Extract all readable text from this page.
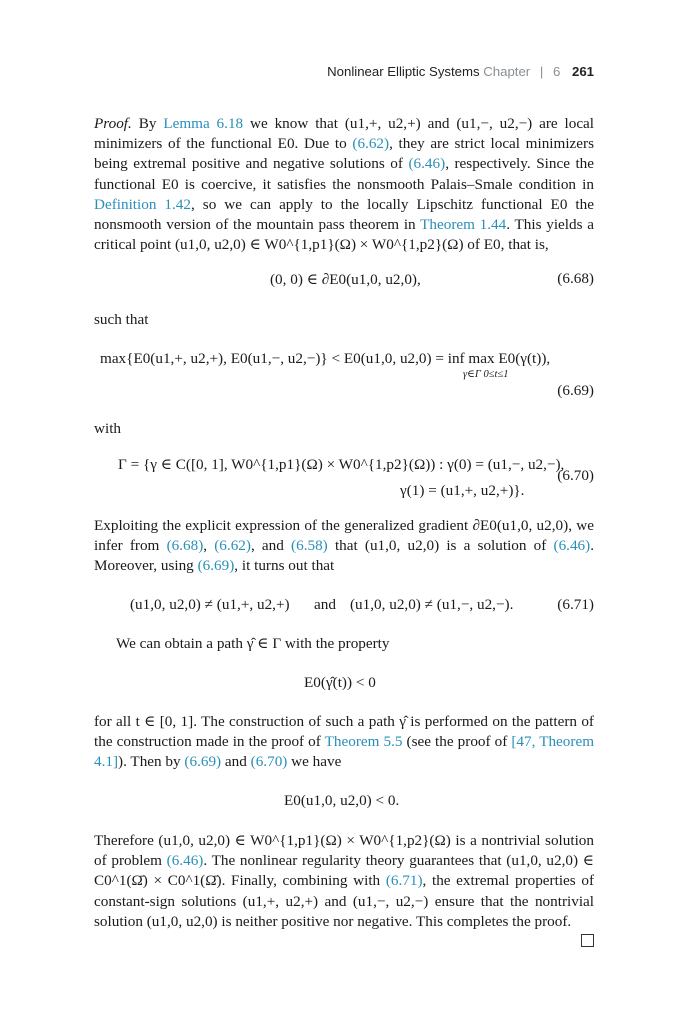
Nonlinear Elliptic Systems Chapter | 6 261
Proof. By Lemma 6.18 we know that (u1,+, u2,+) and (u1,−, u2,−) are local minimizers of the functional E0. Due to (6.62), they are strict local minimizers being extremal positive and negative solutions of (6.46), respectively. Since the functional E0 is coercive, it satisfies the nonsmooth Palais–Smale condition in Definition 1.42, so we can apply to the locally Lipschitz functional E0 the nonsmooth version of the mountain pass theorem in Theorem 1.44. This yields a critical point (u1,0, u2,0) ∈ W0^{1,p1}(Ω) × W0^{1,p2}(Ω) of E0, that is,
(0, 0) ∈ ∂E0(u1,0, u2,0),	(6.68)
such that
max{E0(u1,+, u2,+), E0(u1,−, u2,−)} < E0(u1,0, u2,0) = inf max E0(γ(t)),
γ∈Γ 0≤t≤1
(6.69)
with
Γ = {γ ∈ C([0, 1], W0^{1,p1}(Ω) × W0^{1,p2}(Ω)) : γ(0) = (u1,−, u2,−),
γ(1) = (u1,+, u2,+)}.
(6.70)
Exploiting the explicit expression of the generalized gradient ∂E0(u1,0, u2,0), we infer from (6.68), (6.62), and (6.58) that (u1,0, u2,0) is a solution of (6.46). Moreover, using (6.69), it turns out that
(u1,0, u2,0) ≠ (u1,+, u2,+) and (u1,0, u2,0) ≠ (u1,−, u2,−).	(6.71)
We can obtain a path γ̂ ∈ Γ with the property
E0(γ̂(t)) < 0
for all t ∈ [0, 1]. The construction of such a path γ̂ is performed on the pattern of the construction made in the proof of Theorem 5.5 (see the proof of [47, Theorem 4.1]). Then by (6.69) and (6.70) we have
E0(u1,0, u2,0) < 0.
Therefore (u1,0, u2,0) ∈ W0^{1,p1}(Ω) × W0^{1,p2}(Ω) is a nontrivial solution of problem (6.46). The nonlinear regularity theory guarantees that (u1,0, u2,0) ∈ C0^1(Ω̄) × C0^1(Ω̄). Finally, combining with (6.71), the extremal properties of constant-sign solutions (u1,+, u2,+) and (u1,−, u2,−) ensure that the nontrivial solution (u1,0, u2,0) is neither positive nor negative. This completes the proof.
